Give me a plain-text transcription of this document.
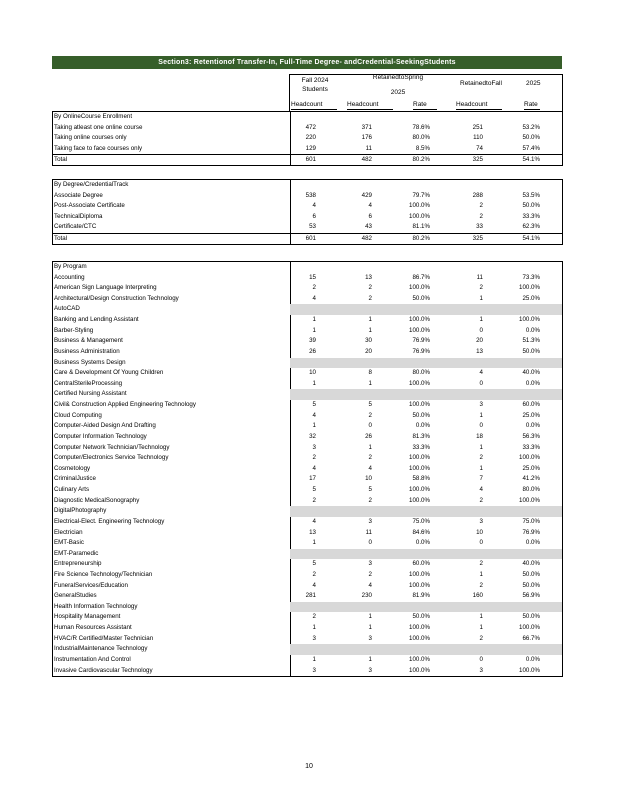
Section3: Retentionof Transfer-In, Full-Time Degree- andCredential-SeekingStudents
Fall 2024
Students
RetainedtoSpring
2025
RetainedtoFall	2025
Headcount	Headcount	Rate	Headcount	Rate
By OnlineCourse Enrollment
Taking atleast one online course	472	371	78.6%	251	53.2%
Taking online courses only	220	176	80.0%	110	50.0%
Taking face to face courses only	129	11	8.5%	74	57.4%
Total	601	482	80.2%	325	54.1%
By Degree/CredentialTrack
Associate Degree	538	429	79.7%	288	53.5%
Post-Associate Certificate	4	4	100.0%	2	50.0%
TechnicalDiploma	6	6	100.0%	2	33.3%
Certificate/CTC	53	43	81.1%	33	62.3%
Total	601	482	80.2%	325	54.1%
By Program
Accounting	15	13	86.7%	11	73.3%
American Sign Language Interpreting	2	2	100.0%	2	100.0%
Architectural/Design Construction Technology	4	2	50.0%	1	25.0%
AutoCAD
Banking and Lending Assistant	1	1	100.0%	1	100.0%
Barber-Styling	1	1	100.0%	0	0.0%
Business & Management	39	30	76.9%	20	51.3%
Business Administration	26	20	76.9%	13	50.0%
Business Systems Design
Care & Development Of Young Children	10	8	80.0%	4	40.0%
CentralSterileProcessing	1	1	100.0%	0	0.0%
Certified Nursing Assistant
Civil& Construction Applied Engineering Technology	5	5	100.0%	3	60.0%
Cloud Computing	4	2	50.0%	1	25.0%
Computer-Aided Design And Drafting	1	0	0.0%	0	0.0%
Computer Information Technology	32	26	81.3%	18	56.3%
Computer Network Technician/Technology	3	1	33.3%	1	33.3%
Computer/Electronics Service Technology	2	2	100.0%	2	100.0%
Cosmetology	4	4	100.0%	1	25.0%
CriminalJustice	17	10	58.8%	7	41.2%
Culinary Arts	5	5	100.0%	4	80.0%
Diagnostic MedicalSonography	2	2	100.0%	2	100.0%
DigitalPhotography
Electrical-Elect. Engineering Technology	4	3	75.0%	3	75.0%
Electrician	13	11	84.6%	10	76.9%
EMT-Basic	1	0	0.0%	0	0.0%
EMT-Paramedic
Entrepreneurship	5	3	60.0%	2	40.0%
Fire Science Technology/Technician	2	2	100.0%	1	50.0%
FuneralServices/Education	4	4	100.0%	2	50.0%
GeneralStudies	281	230	81.9%	160	56.9%
Health Information Technology
Hospitality Management	2	1	50.0%	1	50.0%
Human Resources Assistant	1	1	100.0%	1	100.0%
HVAC/R Certified/Master Technician	3	3	100.0%	2	66.7%
IndustrialMaintenance Technology
Instrumentation And Control	1	1	100.0%	0	0.0%
Invasive Cardiovascular Technology	3	3	100.0%	3	100.0%
10
